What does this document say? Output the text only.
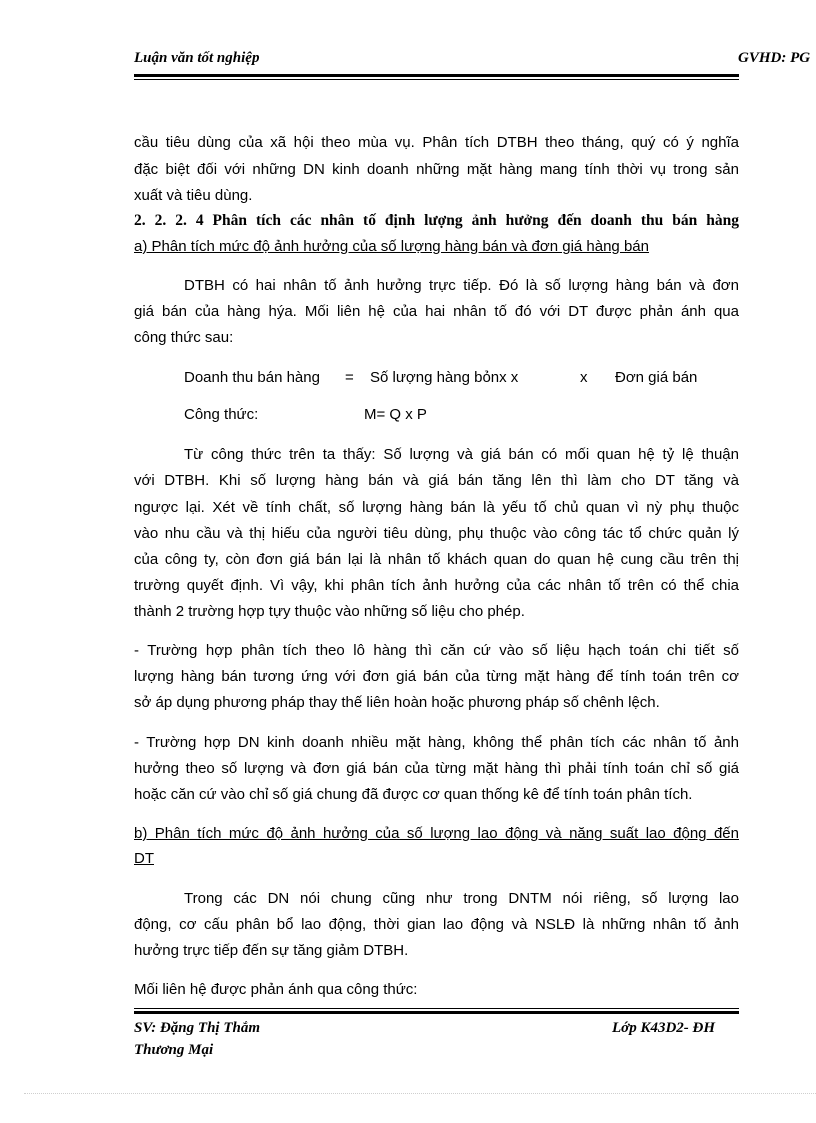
Luận văn tốt nghiệp	GVHD: PG
cầu tiêu dùng của xã hội theo mùa vụ. Phân tích DTBH theo tháng, quý có ý nghĩa
đặc biệt đối với những DN kinh doanh những mặt hàng mang tính thời vụ trong sản
xuất và tiêu dùng.
2. 2. 2. 4 Phân tích các nhân tố định lượng ảnh hưởng đến doanh thu bán hàng
a) Phân tích mức độ ảnh hưởng của số lượng hàng bán và đơn giá hàng bán
DTBH có hai nhân tố ảnh hưởng trực tiếp. Đó là số lượng hàng bán và đơn
giá bán của hàng hýa. Mối liên hệ của hai nhân tố đó với DT được phản ánh qua
công thức sau:
Doanh thu bán hàng = Số lượng hàng bỏnx x	x Đơn giá bán
Công thức:	M= Q x P
Từ công thức trên ta thấy: Số lượng và giá bán có mối quan hệ tỷ lệ thuận
với DTBH. Khi số lượng hàng bán và giá bán tăng lên thì làm cho DT tăng và
ngược lại. Xét về tính chất, số lượng hàng bán là yếu tố chủ quan vì nỳ phụ thuộc
vào nhu cầu và thị hiếu của người tiêu dùng, phụ thuộc vào công tác tổ chức quản lý
của công ty, còn đơn giá bán lại là nhân tố khách quan do quan hệ cung cầu trên thị
trường quyết định. Vì vậy, khi phân tích ảnh hưởng của các nhân tố trên có thể chia
thành 2 trường hợp tựy thuộc vào những số liệu cho phép.
- Trường hợp phân tích theo lô hàng thì căn cứ vào số liệu hạch toán chi tiết số
lượng hàng bán tương ứng với đơn giá bán của từng mặt hàng để tính toán trên cơ
sở áp dụng phương pháp thay thế liên hoàn hoặc phương pháp số chênh lệch.
- Trường hợp DN kinh doanh nhiều mặt hàng, không thể phân tích các nhân tố ảnh
hưởng theo số lượng và đơn giá bán của từng mặt hàng thì phải tính toán chỉ số giá
hoặc căn cứ vào chỉ số giá chung đã được cơ quan thống kê để tính toán phân tích.
b) Phân tích mức độ ảnh hưởng của số lượng lao động và năng suất lao động đến
DT
Trong các DN nói chung cũng như trong DNTM nói riêng, số lượng lao
động, cơ cấu phân bổ lao động, thời gian lao động và NSLĐ là những nhân tố ảnh
hưởng trực tiếp đến sự tăng giảm DTBH.
Mối liên hệ được phản ánh qua công thức:
SV: Đặng Thị Thắm	Lớp K43D2- ĐH
Thương Mại
